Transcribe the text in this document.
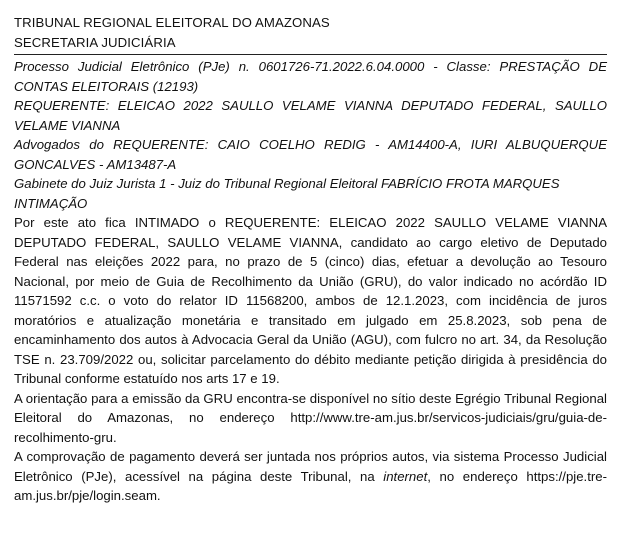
TRIBUNAL REGIONAL ELEITORAL DO AMAZONAS
SECRETARIA JUDICIÁRIA
Processo Judicial Eletrônico (PJe) n. 0601726-71.2022.6.04.0000 - Classe: PRESTAÇÃO DE CONTAS ELEITORAIS (12193)
REQUERENTE: ELEICAO 2022 SAULLO VELAME VIANNA DEPUTADO FEDERAL, SAULLO VELAME VIANNA
Advogados do REQUERENTE: CAIO COELHO REDIG - AM14400-A, IURI ALBUQUERQUE GONCALVES - AM13487-A
Gabinete do Juiz Jurista 1 - Juiz do Tribunal Regional Eleitoral FABRÍCIO FROTA MARQUES
INTIMAÇÃO
Por este ato fica INTIMADO o REQUERENTE: ELEICAO 2022 SAULLO VELAME VIANNA DEPUTADO FEDERAL, SAULLO VELAME VIANNA, candidato ao cargo eletivo de Deputado Federal nas eleições 2022 para, no prazo de 5 (cinco) dias, efetuar a devolução ao Tesouro Nacional, por meio de Guia de Recolhimento da União (GRU), do valor indicado no acórdão ID 11571592 c.c. o voto do relator ID 11568200, ambos de 12.1.2023, com incidência de juros moratórios e atualização monetária e transitado em julgado em 25.8.2023, sob pena de encaminhamento dos autos à Advocacia Geral da União (AGU), com fulcro no art. 34, da Resolução TSE n. 23.709/2022 ou, solicitar parcelamento do débito mediante petição dirigida à presidência do Tribunal conforme estatuído nos arts 17 e 19.
A orientação para a emissão da GRU encontra-se disponível no sítio deste Egrégio Tribunal Regional Eleitoral do Amazonas, no endereço http://www.tre-am.jus.br/servicos-judiciais/gru/guia-de-recolhimento-gru.
A comprovação de pagamento deverá ser juntada nos próprios autos, via sistema Processo Judicial Eletrônico (PJe), acessível na página deste Tribunal, na internet, no endereço https://pje.tre-am.jus.br/pje/login.seam.
